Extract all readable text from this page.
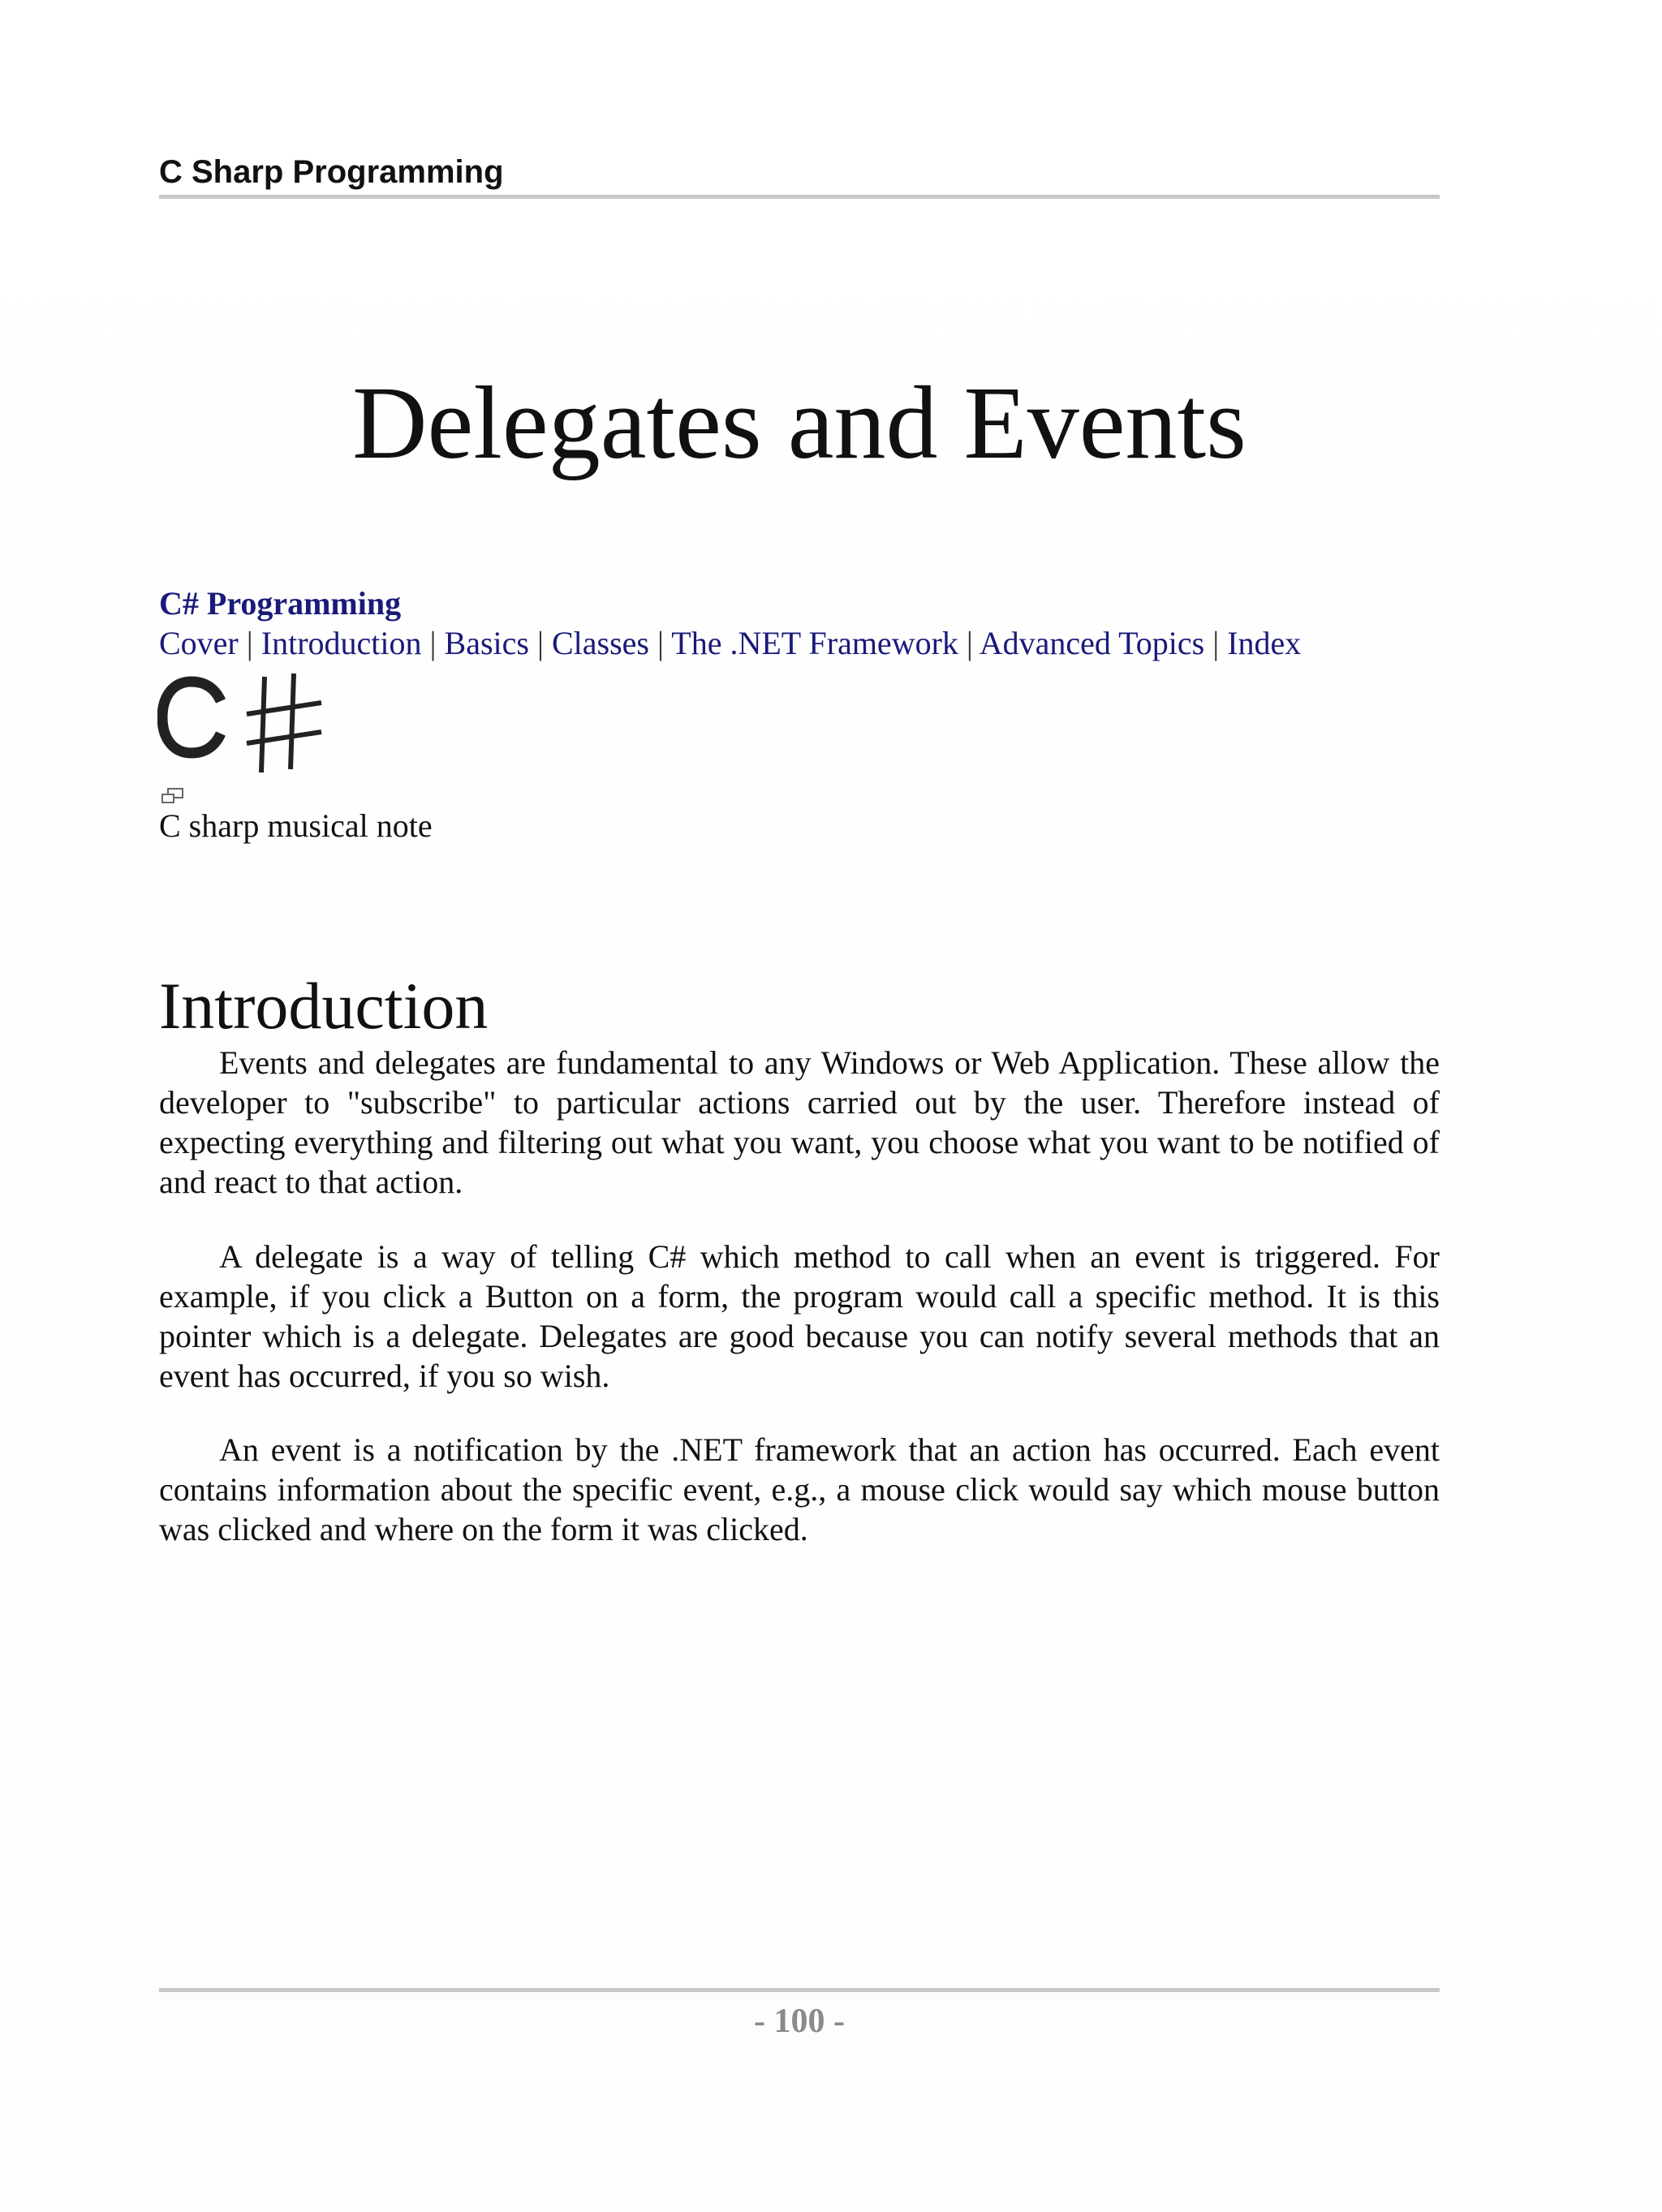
C Sharp Programming
Delegates and Events
C# Programming
Cover | Introduction | Basics | Classes | The .NET Framework | Advanced Topics | Index
C sharp musical note
Introduction

Events and delegates are fundamental to any Windows or Web Application. These allow the developer to "subscribe" to particular actions carried out by the user. Therefore instead of expecting everything and filtering out what you want, you choose what you want to be notified of and react to that action.

A delegate is a way of telling C# which method to call when an event is triggered. For example, if you click a Button on a form, the program would call a specific method. It is this pointer which is a delegate. Delegates are good because you can notify several methods that an event has occurred, if you so wish.

An event is a notification by the .NET framework that an action has occurred. Each event contains information about the specific event, e.g., a mouse click would say which mouse button was clicked and where on the form it was clicked.

- 100 -
